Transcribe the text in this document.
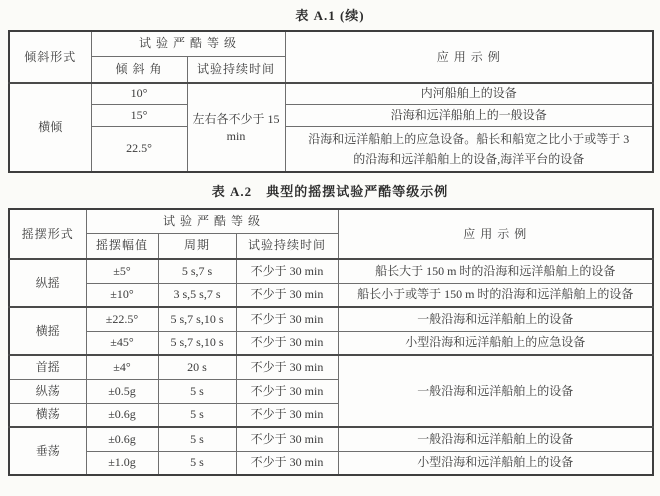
表 A.1 (续)
倾斜形式	试 验 严 酷 等 级		应 用 示 例
	倾 斜 角	试验持续时间	
横倾	10°	左右各不少于 15 min	内河船舶上的设备
	15°		沿海和远洋船舶上的一般设备
	22.5°		沿海和远洋船舶上的应急设备。船长和船宽之比小于或等于 3 的沿海和远洋船舶上的设备,海洋平台的设备
表 A.2 典型的摇摆试验严酷等级示例
摇摆形式	试 验 严 酷 等 级			应 用 示 例
	摇摆幅值	周期	试验持续时间	
纵摇	±5°	5 s,7 s	不少于 30 min	船长大于 150 m 时的沿海和远洋船舶上的设备
	±10°	3 s,5 s,7 s	不少于 30 min	船长小于或等于 150 m 时的沿海和远洋船舶上的设备
横摇	±22.5°	5 s,7 s,10 s	不少于 30 min	一般沿海和远洋船舶上的设备
	±45°	5 s,7 s,10 s	不少于 30 min	小型沿海和远洋船舶上的应急设备
首摇	±4°	20 s	不少于 30 min	一般沿海和远洋船舶上的设备
纵荡	±0.5g	5 s	不少于 30 min	
横荡	±0.6g	5 s	不少于 30 min	
垂荡	±0.6g	5 s	不少于 30 min	一般沿海和远洋船舶上的设备
	±1.0g	5 s	不少于 30 min	小型沿海和远洋船舶上的设备
